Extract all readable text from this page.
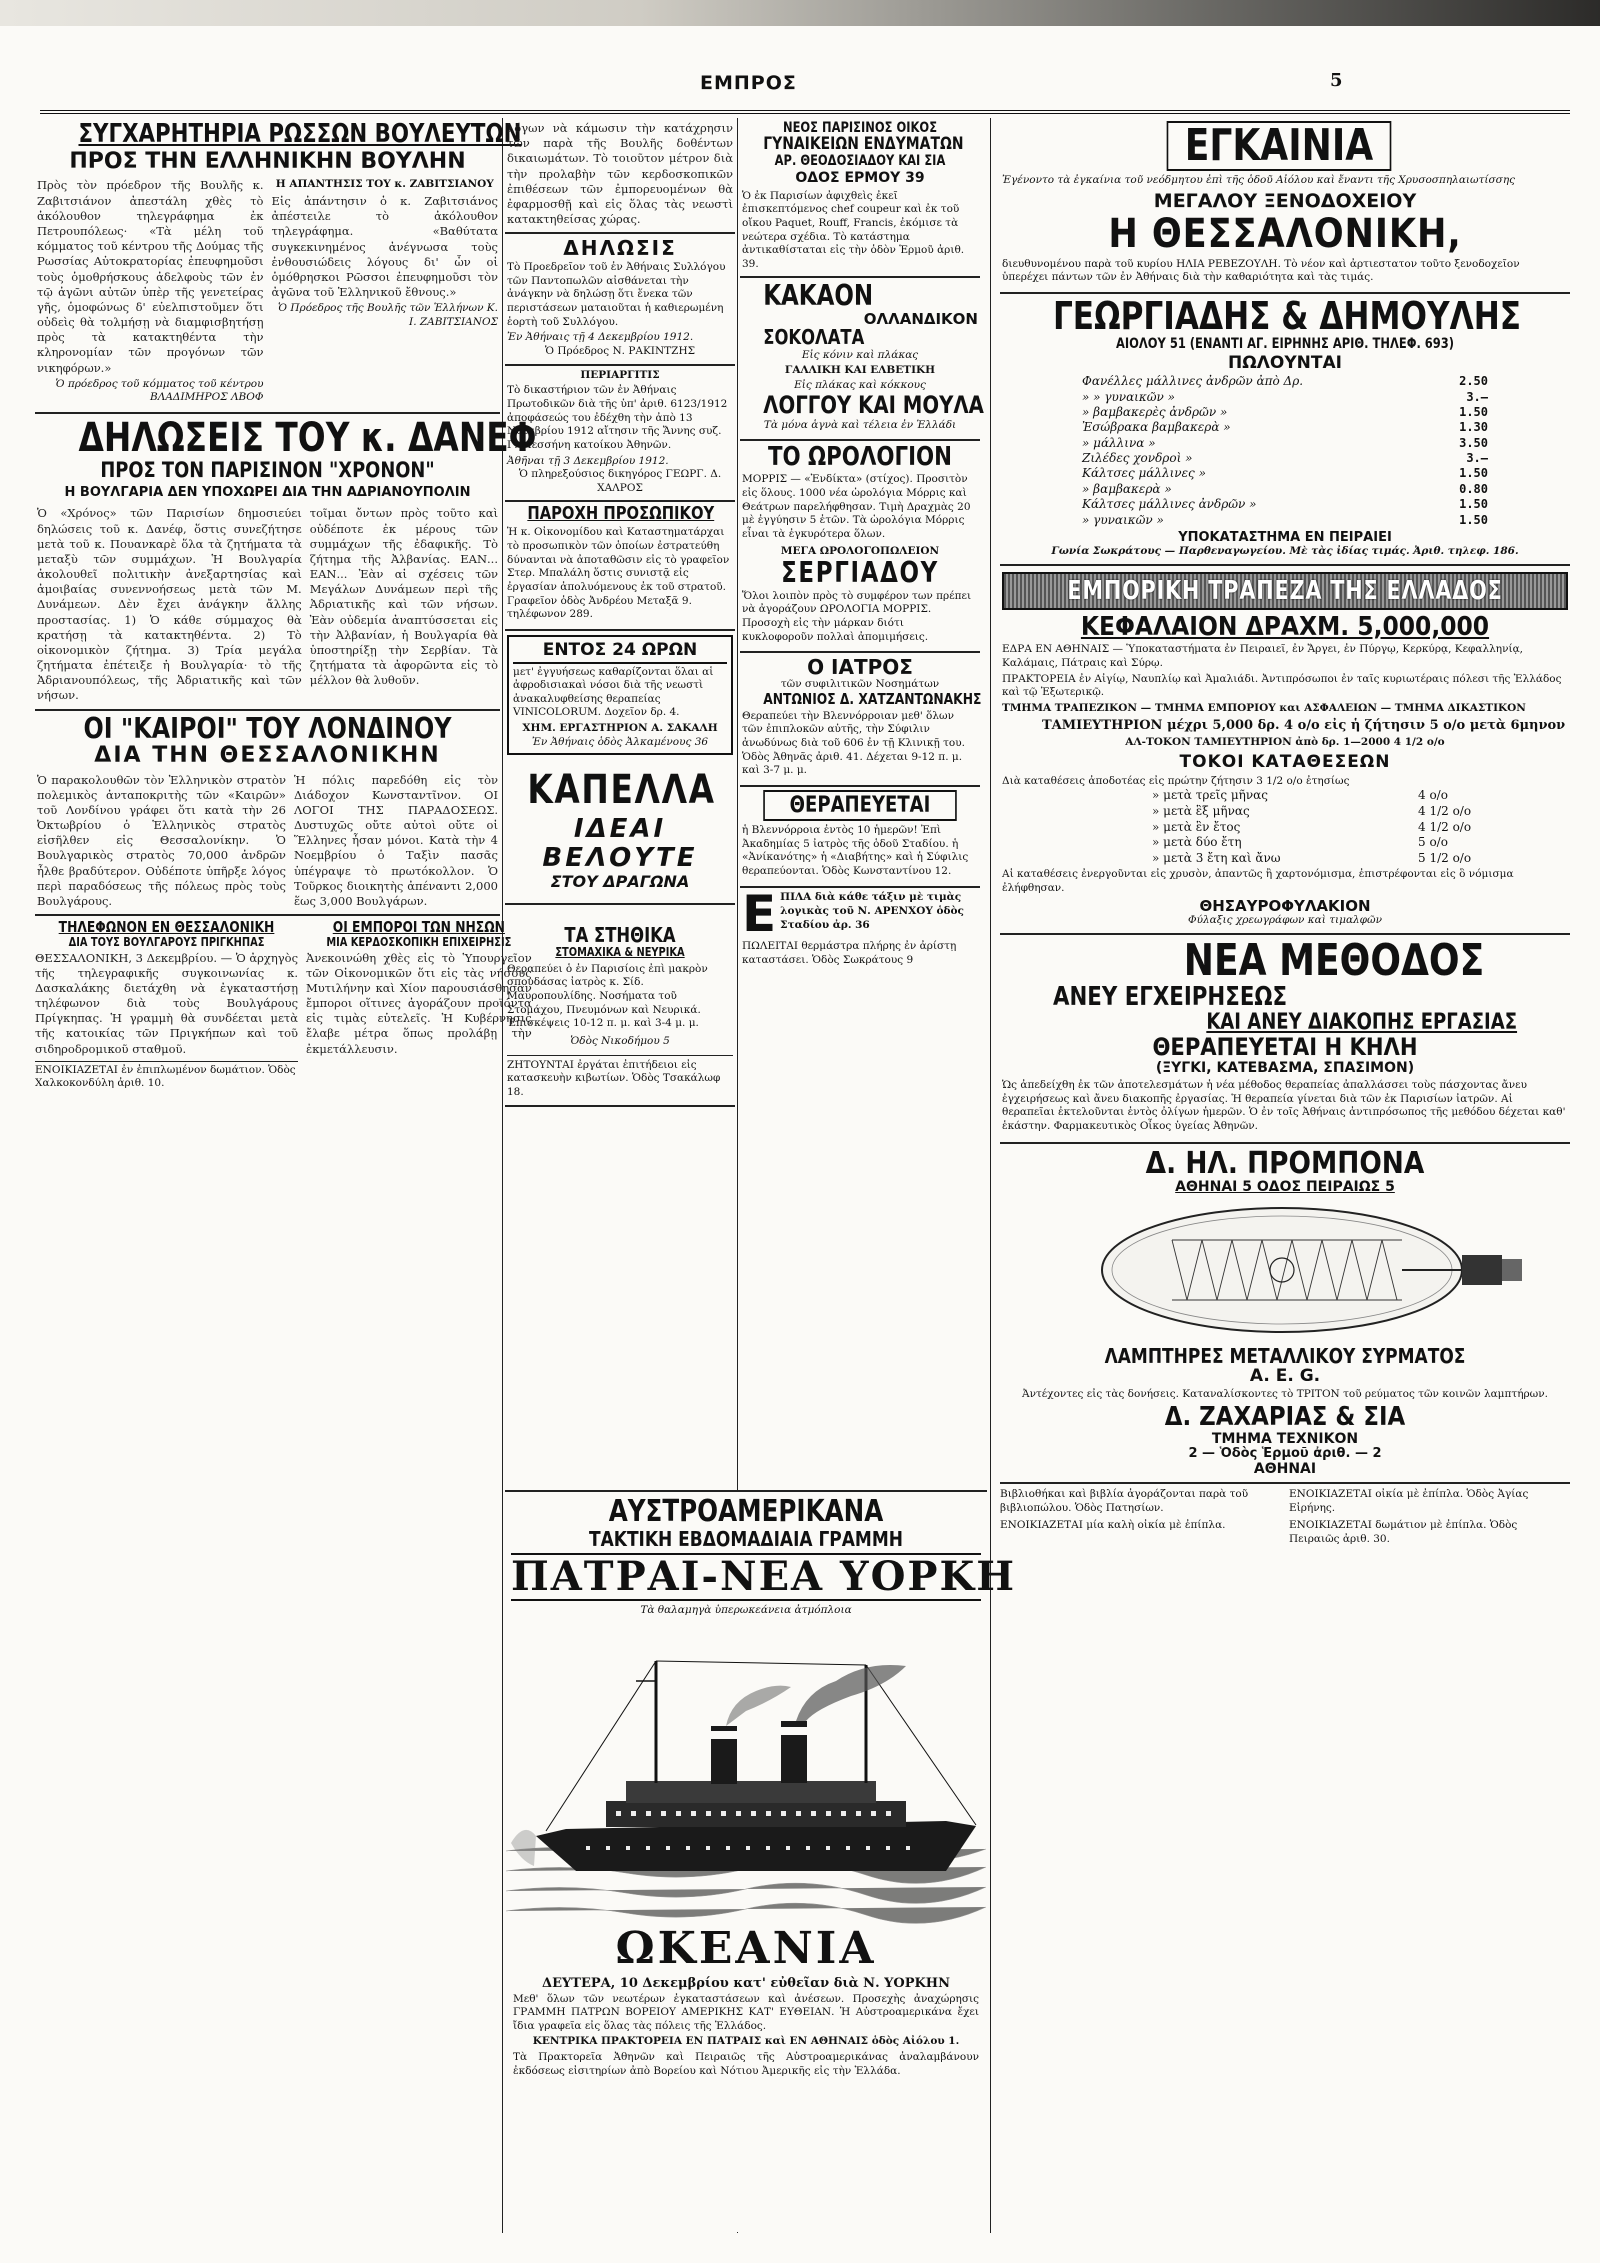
ΕΜΠΡΟΣ	5
ΣΥΓΧΑΡΗΤΗΡΙΑ ΡΩΣΣΩΝ ΒΟΥΛΕΥΤΩΝ
ΠΡΟΣ ΤΗΝ ΕΛΛΗΝΙΚΗΝ ΒΟΥΛΗΝ

Πρὸς τὸν πρόεδρον τῆς Βουλῆς κ. Ζαβιτσιάνον ἀπεστάλη χθὲς τὸ ἀκόλουθον τηλεγράφημα ἐκ Πετρουπόλεως· «Τὰ μέλη τοῦ κόμματος τοῦ κέντρου τῆς Δούμας τῆς Ρωσσίας Αὐτοκρατορίας ἐπευφημοῦσι τοὺς ὁμοθρήσκους ἀδελφοὺς τῶν ἐν τῷ ἀγῶνι αὐτῶν ὑπὲρ τῆς γενετείρας γῆς, ὁμοφώνως δ' εὐελπιστοῦμεν ὅτι οὐδεὶς θὰ τολμήσῃ νὰ διαμφισβητήσῃ πρὸς τὰ κατακτηθέντα τὴν κληρονομίαν τῶν προγόνων τῶν νικηφόρων.»

Ὁ πρόεδρος τοῦ κόμματος τοῦ κέντρου ΒΛΑΔΙΜΗΡΟΣ ΛΒΟΦ

Η ΑΠΑΝΤΗΣΙΣ ΤΟΥ κ. ΖΑΒΙΤΣΙΑΝΟΥ

Εἰς ἀπάντησιν ὁ κ. Ζαβιτσιάνος ἀπέστειλε τὸ ἀκόλουθον τηλεγράφημα. «Βαθύτατα συγκεκινημένος ἀνέγνωσα τοὺς ἐνθουσιώδεις λόγους δι' ὧν οἱ ὁμόθρησκοι Ρῶσσοι ἐπευφημοῦσι τὸν ἀγῶνα τοῦ Ἑλληνικοῦ ἔθνους.»

Ὁ Πρόεδρος τῆς Βουλῆς τῶν Ἑλλήνων Κ. Ι. ΖΑΒΙΤΣΙΑΝΟΣ

ΔΗΛΩΣΕΙΣ ΤΟΥ κ. ΔΑΝΕΦ
ΠΡΟΣ ΤΟΝ ΠΑΡΙΣΙΝΟΝ "ΧΡΟΝΟΝ"
Η ΒΟΥΛΓΑΡΙΑ ΔΕΝ ΥΠΟΧΩΡΕΙ ΔΙΑ ΤΗΝ ΑΔΡΙΑΝΟΥΠΟΛΙΝ

Ὁ «Χρόνος» τῶν Παρισίων δημοσιεύει δηλώσεις τοῦ κ. Δανέφ, ὅστις συνεζήτησε μετὰ τοῦ κ. Πουανκαρὲ ὅλα τὰ ζητήματα τὰ μεταξὺ τῶν συμμάχων. Ἡ Βουλγαρία ἀκολουθεῖ πολιτικὴν ἀνεξαρτησίας καὶ ἀμοιβαίας συνεννοήσεως μετὰ τῶν Μ. Δυνάμεων. Δὲν ἔχει ἀνάγκην ἄλλης προστασίας. 1) Ὁ κάθε σύμμαχος θὰ κρατήσῃ τὰ κατακτηθέντα. 2) Τὸ οἰκονομικὸν ζήτημα. 3) Τρία μεγάλα ζητήματα ἐπέτειξε ἡ Βουλγαρία· τὸ τῆς Ἀδριανουπόλεως, τῆς Ἀδριατικῆς καὶ τῶν νήσων.

τοῖμαι ὄντων πρὸς τοῦτο καὶ οὐδέποτε ἐκ μέρους τῶν συμμάχων τῆς ἐδαφικῆς. Τὸ ζήτημα τῆς Ἀλβανίας. ΕΑΝ... ΕΑΝ... Ἐὰν αἱ σχέσεις τῶν Μεγάλων Δυνάμεων περὶ τῆς Ἀδριατικῆς καὶ τῶν νήσων. Ἐὰν οὐδεμία ἀναπτύσσεται εἰς τὴν Ἀλβανίαν, ἡ Βουλγαρία θὰ ὑποστηρίξῃ τὴν Σερβίαν. Τὰ ζητήματα τὰ ἀφορῶντα εἰς τὸ μέλλον θὰ λυθοῦν.

ΟΙ "ΚΑΙΡΟΙ" ΤΟΥ ΛΟΝΔΙΝΟΥ
ΔΙΑ ΤΗΝ ΘΕΣΣΑΛΟΝΙΚΗΝ

Ὁ παρακολουθῶν τὸν Ἑλληνικὸν στρατὸν πολεμικὸς ἀνταποκριτὴς τῶν «Καιρῶν» τοῦ Λονδίνου γράφει ὅτι κατὰ τὴν 26 Ὀκτωβρίου ὁ Ἑλληνικὸς στρατὸς εἰσῆλθεν εἰς Θεσσαλονίκην. Ὁ Βουλγαρικὸς στρατὸς 70,000 ἀνδρῶν ἦλθε βραδύτερον. Οὐδέποτε ὑπῆρξε λόγος περὶ παραδόσεως τῆς πόλεως πρὸς τοὺς Βουλγάρους.

Ἡ πόλις παρεδόθη εἰς τὸν Διάδοχον Κωνσταντῖνον. ΟΙ ΛΟΓΟΙ ΤΗΣ ΠΑΡΑΔΟΣΕΩΣ. Δυστυχῶς οὔτε αὐτοὶ οὔτε οἱ Ἕλληνες ἦσαν μόνοι. Κατὰ τὴν 4 Νοεμβρίου ὁ Ταξὶν πασᾶς ὑπέγραψε τὸ πρωτόκολλον. Ὁ Τοῦρκος διοικητὴς ἀπέναντι 2,000 ἕως 3,000 Βουλγάρων.

ΤΗΛΕΦΩΝΟΝ ΕΝ ΘΕΣΣΑΛΟΝΙΚΗ
ΔΙΑ ΤΟΥΣ ΒΟΥΛΓΑΡΟΥΣ ΠΡΙΓΚΗΠΑΣ

ΘΕΣΣΑΛΟΝΙΚΗ, 3 Δεκεμβρίου. — Ὁ ἀρχηγὸς τῆς τηλεγραφικῆς συγκοινωνίας κ. Δασκαλάκης διετάχθη νὰ ἐγκαταστήσῃ τηλέφωνον διὰ τοὺς Βουλγάρους Πρίγκηπας. Ἡ γραμμὴ θὰ συνδέεται μετὰ τῆς κατοικίας τῶν Πριγκήπων καὶ τοῦ σιδηροδρομικοῦ σταθμοῦ.

ΕΝΟΙΚΙΑΖΕΤΑΙ ἐν ἐπιπλωμένον δωμάτιον. Ὁδὸς Χαλκοκονδύλη ἀριθ. 10.

ΟΙ ΕΜΠΟΡΟΙ ΤΩΝ ΝΗΣΩΝ
ΜΙΑ ΚΕΡΔΟΣΚΟΠΙΚΗ ΕΠΙΧΕΙΡΗΣΙΣ

Ἀνεκοινώθη χθὲς εἰς τὸ Ὑπουργεῖον τῶν Οἰκονομικῶν ὅτι εἰς τὰς νήσους Μυτιλήνην καὶ Χίον παρουσιάσθησαν ἔμποροι οἵτινες ἀγοράζουν προϊόντα εἰς τιμὰς εὐτελεῖς. Ἡ Κυβέρνησις ἔλαβε μέτρα ὅπως προλάβῃ τὴν ἐκμετάλλευσιν.

λόγων νὰ κάμωσιν τὴν κατάχρησιν τῶν παρὰ τῆς Βουλῆς δοθέντων δικαιωμάτων. Τὸ τοιοῦτον μέτρον διὰ τὴν προλαβὴν τῶν κερδοσκοπικῶν ἐπιθέσεων τῶν ἐμπορευομένων θὰ ἐφαρμοσθῇ καὶ εἰς ὅλας τὰς νεωστὶ κατακτηθείσας χώρας.

ΔΗΛΩΣΙΣ

Τὸ Προεδρεῖον τοῦ ἐν Ἀθήναις Συλλόγου τῶν Παντοπωλῶν αἰσθάνεται τὴν ἀνάγκην νὰ δηλώσῃ ὅτι ἕνεκα τῶν περιστάσεων ματαιοῦται ἡ καθιερωμένη ἑορτὴ τοῦ Συλλόγου.

Ἐν Ἀθήναις τῇ 4 Δεκεμβρίου 1912.

Ὁ Πρόεδρος Ν. ΡΑΚΙΝΤΖΗΣ

ΠΕΡΙΑΡΓΙΤΙΣ

Τὸ δικαστήριον τῶν ἐν Ἀθήναις Πρωτοδικῶν διὰ τῆς ὑπ' ἀριθ. 6123/1912 ἀποφάσεώς του ἐδέχθη τὴν ἀπὸ 13 Νοεμβρίου 1912 αἴτησιν τῆς Ἄννης συζ. Γ. Μεσσήνη κατοίκου Ἀθηνῶν.

Ἀθῆναι τῇ 3 Δεκεμβρίου 1912.

Ὁ πληρεξούσιος δικηγόρος ΓΕΩΡΓ. Δ. ΧΑΛΡΟΣ

ΠΑΡΟΧΗ ΠΡΟΣΩΠΙΚΟΥ

Ἡ κ. Οἰκονομίδου καὶ Καταστηματάρχαι τὸ προσωπικὸν τῶν ὁποίων ἐστρατεύθη δύνανται νὰ ἀποταθῶσιν εἰς τὸ γραφεῖον Στερ. Μπαλάλη ὅστις συνιστᾷ εἰς ἐργασίαν ἀπολυόμενους ἐκ τοῦ στρατοῦ. Γραφεῖον ὁδὸς Ἀνδρέου Μεταξᾶ 9. τηλέφωνον 289.

ΕΝΤΟΣ 24 ΩΡΩΝ

μετ' ἐγγυήσεως καθαρίζονται ὅλαι αἱ ἀφροδισιακαὶ νόσοι διὰ τῆς νεωστὶ ἀνακαλυφθείσης θεραπείας VINICOLORUM. Δοχεῖον δρ. 4.

ΧΗΜ. ΕΡΓΑΣΤΗΡΙΟΝ Α. ΣΑΚΑΛΗ

Ἐν Ἀθήναις ὁδὸς Ἀλκαμένους 36

ΚΑΠΕΛΛΑ
ΙΔΕΑΙ
ΒΕΛΟΥΤΕ
ΣΤΟΥ ΔΡΑΓΩΝΑ
ΤΑ ΣΤΗΘΙΚΑ
ΣΤΟΜΑΧΙΚΑ & ΝΕΥΡΙΚΑ

Θεραπεύει ὁ ἐν Παρισίοις ἐπὶ μακρὸν σπουδάσας ἰατρὸς κ. Σίδ. Μαυροπουλίδης. Νοσήματα τοῦ Στομάχου, Πνευμόνων καὶ Νευρικά. Ἐπισκέψεις 10-12 π. μ. καὶ 3-4 μ. μ.

Ὁδὸς Νικοδήμου 5

ΖΗΤΟΥΝΤΑΙ ἐργάται ἐπιτήδειοι εἰς κατασκευὴν κιβωτίων. Ὁδὸς Τσακάλωφ 18.

ΝΕΟΣ ΠΑΡΙΣΙΝΟΣ ΟΙΚΟΣ
ΓΥΝΑΙΚΕΙΩΝ ΕΝΔΥΜΑΤΩΝ
ΑΡ. ΘΕΟΔΟΣΙΑΔΟΥ ΚΑΙ ΣΙΑ
ΟΔΟΣ ΕΡΜΟΥ 39

Ὁ ἐκ Παρισίων ἀφιχθεὶς ἐκεῖ ἐπισκεπτόμενος chef coupeur καὶ ἐκ τοῦ οἴκου Paquet, Rouff, Francis, ἐκόμισε τὰ νεώτερα σχέδια. Τὸ κατάστημα ἀντικαθίσταται εἰς τὴν ὁδὸν Ἑρμοῦ ἀριθ. 39.

ΚΑΚΑΟΝ
ΟΛΛΑΝΔΙΚΟΝ
ΣΟΚΟΛΑΤΑ

Εἰς κόνιν καὶ πλάκας

ΓΑΛΛΙΚΗ ΚΑΙ ΕΛΒΕΤΙΚΗ

Εἰς πλάκας καὶ κόκκους

ΛΟΓΓΟΥ ΚΑΙ ΜΟΥΛΑ

Τὰ μόνα ἁγνὰ καὶ τέλεια ἐν Ἑλλάδι

ΤΟ ΩΡΟΛΟΓΙΟΝ

ΜΟΡΡΙΣ — «Ἐνδίκτα» (στίχος). Προσιτὸν εἰς ὅλους. 1000 νέα ὡρολόγια Μόρρις καὶ Θεάτρων παρελήφθησαν. Τιμὴ Δραχμὰς 20 μὲ ἐγγύησιν 5 ἐτῶν. Τὰ ὡρολόγια Μόρρις εἶναι τὰ ἐγκυρότερα ὅλων.

ΜΕΓΑ ΩΡΟΛΟΓΟΠΩΛΕΙΟΝ

ΣΕΡΓΙΑΔΟΥ

Ὅλοι λοιπὸν πρὸς τὸ συμφέρον των πρέπει νὰ ἀγοράζουν ΩΡΟΛΟΓΙΑ ΜΟΡΡΙΣ. Προσοχὴ εἰς τὴν μάρκαν διότι κυκλοφοροῦν πολλαὶ ἀπομιμήσεις.

Ο ΙΑΤΡΟΣ

τῶν συφιλιτικῶν Νοσημάτων

ΑΝΤΩΝΙΟΣ Δ. ΧΑΤΖΑΝΤΩΝΑΚΗΣ

Θεραπεύει τὴν Βλεννόρροιαν μεθ' ὅλων τῶν ἐπιπλοκῶν αὐτῆς, τὴν Σύφιλιν ἀνωδύνως διὰ τοῦ 606 ἐν τῇ Κλινικῇ του. Ὁδὸς Ἀθηνᾶς ἀριθ. 41. Δέχεται 9-12 π. μ. καὶ 3-7 μ. μ.

ΘΕΡΑΠΕΥΕΤΑΙ

ἡ Βλεννόρροια ἐντὸς 10 ἡμερῶν! Ἐπὶ Ἀκαδημίας 5 ἰατρὸς τῆς ὁδοῦ Σταδίου. ἡ «Ἀνίκανότης» ἡ «Διαβήτης» καὶ ἡ Σύφιλις θεραπεύονται. Ὁδὸς Κωνσταντίνου 12.

Ε ΠΙΛΑ διὰ κάθε τάξιν μὲ τιμὰς λογικὰς τοῦ Ν. ΑΡΕΝΧΟΥ ὁδὸς Σταδίου ἀρ. 36

ΠΩΛΕΙΤΑΙ θερμάστρα πλήρης ἐν ἀρίστῃ καταστάσει. Ὁδὸς Σωκράτους 9

ΑΥΣΤΡΟΑΜΕΡΙΚΑΝΑ
ΤΑΚΤΙΚΗ ΕΒΔΟΜΑΔΙΑΙΑ ΓΡΑΜΜΗ
ΠΑΤΡΑΙ-ΝΕΑ ΥΟΡΚΗ

Τὰ θαλαμηγὰ ὑπερωκεάνεια ἀτμόπλοια

ΩΚΕΑΝΙΑ

ΔΕΥΤΕΡΑ, 10 Δεκεμβρίου κατ' εὐθεῖαν διὰ Ν. ΥΟΡΚΗΝ

Μεθ' ὅλων τῶν νεωτέρων ἐγκαταστάσεων καὶ ἀνέσεων. Προσεχὴς ἀναχώρησις ΓΡΑΜΜΗ ΠΑΤΡΩΝ ΒΟΡΕΙΟΥ ΑΜΕΡΙΚΗΣ ΚΑΤ' ΕΥΘΕΙΑΝ. Ἡ Αὐστροαμερικάνα ἔχει ἴδια γραφεῖα εἰς ὅλας τὰς πόλεις τῆς Ἑλλάδος.

ΚΕΝΤΡΙΚΑ ΠΡΑΚΤΟΡΕΙΑ ΕΝ ΠΑΤΡΑΙΣ καὶ ΕΝ ΑΘΗΝΑΙΣ ὁδὸς Αἰόλου 1.

Τὰ Πρακτορεῖα Ἀθηνῶν καὶ Πειραιῶς τῆς Αὐστροαμερικάνας ἀναλαμβάνουν ἐκδόσεως εἰσιτηρίων ἀπὸ Βορείου καὶ Νότιου Ἀμερικῆς εἰς τὴν Ἑλλάδα.

ΕΓΚΑΙΝΙΑ

Ἐγένοντο τὰ ἐγκαίνια τοῦ νεόδμητου ἐπὶ τῆς ὁδοῦ Αἰόλου καὶ ἔναντι τῆς Χρυσοσπηλαιωτίσσης

ΜΕΓΑΛΟΥ ΞΕΝΟΔΟΧΕΙΟΥ
Η ΘΕΣΣΑΛΟΝΙΚΗ,

διευθυνομένου παρὰ τοῦ κυρίου ΗΛΙΑ ΡΕΒΕΖΟΥΛΗ. Τὸ νέον καὶ ἀρτιεστατον τοῦτο ξενοδοχεῖον ὑπερέχει πάντων τῶν ἐν Ἀθήναις διὰ τὴν καθαριότητα καὶ τὰς τιμάς.

ΓΕΩΡΓΙΑΔΗΣ & ΔΗΜΟΥΛΗΣ
ΑΙΟΛΟΥ 51 (ΕΝΑΝΤΙ ΑΓ. ΕΙΡΗΝΗΣ ΑΡΙΘ. ΤΗΛΕΦ. 693)
ΠΩΛΟΥΝΤΑΙ
Φανέλλες μάλλινες ἀνδρῶν ἀπὸ Δρ.	2.50
» » γυναικῶν »	3.—
» βαμβακερὲς ἀνδρῶν »	1.50
Ἐσώβρακα βαμβακερὰ »	1.30
» μάλλινα »	3.50
Ζιλέδες χονδροὶ »	3.—
Κάλτσες μάλλινες »	1.50
» βαμβακερὰ »	0.80
Κάλτσες μάλλινες ἀνδρῶν »	1.50
» γυναικῶν »	1.50
ΥΠΟΚΑΤΑΣΤΗΜΑ ΕΝ ΠΕΙΡΑΙΕΙ

Γωνία Σωκράτους — Παρθεναγωγείου. Μὲ τὰς ἰδίας τιμάς. Ἀριθ. τηλεφ. 186.

ΕΜΠΟΡΙΚΗ ΤΡΑΠΕΖΑ ΤΗΣ ΕΛΛΑΔΟΣ
ΚΕΦΑΛΑΙΟΝ ΔΡΑΧΜ. 5,000,000

ΕΔΡΑ ΕΝ ΑΘΗΝΑΙΣ — Ὑποκαταστήματα ἐν Πειραιεῖ, ἐν Ἄργει, ἐν Πύργῳ, Κερκύρᾳ, Κεφαλληνίᾳ, Καλάμαις, Πάτραις καὶ Σύρῳ.

ΠΡΑΚΤΟΡΕΙΑ ἐν Αἰγίῳ, Ναυπλίῳ καὶ Ἀμαλιάδι. Ἀντιπρόσωποι ἐν ταῖς κυριωτέραις πόλεσι τῆς Ἑλλάδος καὶ τῷ Ἐξωτερικῷ.

ΤΜΗΜΑ ΤΡΑΠΕΖΙΚΟΝ — ΤΜΗΜΑ ΕΜΠΟΡΙΟΥ και ΑΣΦΑΛΕΙΩΝ — ΤΜΗΜΑ ΔΙΚΑΣΤΙΚΟΝ

ΤΑΜΙΕΥΤΗΡΙΟΝ μέχρι 5,000 δρ. 4 ο/ο εἰς ἡ ζήτησιν 5 ο/ο μετὰ 6μηνον

ΑΛ-ΤΟΚΟΝ ΤΑΜΙΕΥΤΗΡΙΟΝ ἀπὸ δρ. 1—2000 4 1/2 ο/ο

ΤΟΚΟΙ ΚΑΤΑΘΕΣΕΩΝ

Διὰ καταθέσεις ἀποδοτέας εἰς πρώτην ζήτησιν 3 1/2 ο/ο ἐτησίως

» μετὰ τρεῖς μῆνας	4 ο/ο
» μετὰ ἓξ μῆνας	4 1/2 ο/ο
» μετὰ ἓν ἔτος	4 1/2 ο/ο
» μετὰ δύο ἔτη	5 ο/ο
» μετὰ 3 ἔτη καὶ ἄνω	5 1/2 ο/ο

Αἱ καταθέσεις ἐνεργοῦνται εἰς χρυσὸν, ἀπαντῶς ἢ χαρτονόμισμα, ἐπιστρέφονται εἰς ὃ νόμισμα ἐλήφθησαν.

ΘΗΣΑΥΡΟΦΥΛΑΚΙΟΝ

Φύλαξις χρεωγράφων καὶ τιμαλφῶν

ΝΕΑ ΜΕΘΟΔΟΣ
ΑΝΕΥ ΕΓΧΕΙΡΗΣΕΩΣ
ΚΑΙ ΑΝΕΥ ΔΙΑΚΟΠΗΣ ΕΡΓΑΣΙΑΣ
ΘΕΡΑΠΕΥΕΤΑΙ Η ΚΗΛΗ
(ΞΥΓΚΙ, ΚΑΤΕΒΑΣΜΑ, ΣΠΑΣΙΜΟΝ)

Ὡς ἀπεδείχθη ἐκ τῶν ἀποτελεσμάτων ἡ νέα μέθοδος θεραπείας ἀπαλλάσσει τοὺς πάσχοντας ἄνευ ἐγχειρήσεως καὶ ἄνευ διακοπῆς ἐργασίας. Ἡ θεραπεία γίνεται διὰ τῶν ἐκ Παρισίων ἰατρῶν. Αἱ θεραπεῖαι ἐκτελοῦνται ἐντὸς ὀλίγων ἡμερῶν. Ὁ ἐν τοῖς Ἀθήναις ἀντιπρόσωπος τῆς μεθόδου δέχεται καθ' ἑκάστην. Φαρμακευτικὸς Οἶκος ὑγείας Ἀθηνῶν.

Δ. ΗΛ. ΠΡΟΜΠΟΝΑ
ΑΘΗΝΑΙ 5 ΟΔΟΣ ΠΕΙΡΑΙΩΣ 5
ΛΑΜΠΤΗΡΕΣ ΜΕΤΑΛΛΙΚΟΥ ΣΥΡΜΑΤΟΣ
A. E. G.

Ἀντέχοντες εἰς τὰς δονήσεις. Καταναλίσκοντες τὸ ΤΡΙΤΟΝ τοῦ ρεύματος τῶν κοινῶν λαμπτήρων.

Δ. ΖΑΧΑΡΙΑΣ & ΣΙΑ
ΤΜΗΜΑ ΤΕΧΝΙΚΟΝ
2 — Ὁδὸς Ἑρμοῦ ἀριθ. — 2
ΑΘΗΝΑΙ

Βιβλιοθήκαι καὶ βιβλία ἀγοράζονται παρὰ τοῦ βιβλιοπώλου. Ὁδὸς Πατησίων.

ΕΝΟΙΚΙΑΖΕΤΑΙ μία καλὴ οἰκία μὲ ἐπίπλα.

ΕΝΟΙΚΙΑΖΕΤΑΙ οἰκία μὲ ἐπίπλα. Ὁδὸς Ἀγίας Εἰρήνης.

ΕΝΟΙΚΙΑΖΕΤΑΙ δωμάτιον μὲ ἐπίπλα. Ὁδὸς Πειραιῶς ἀριθ. 30.
